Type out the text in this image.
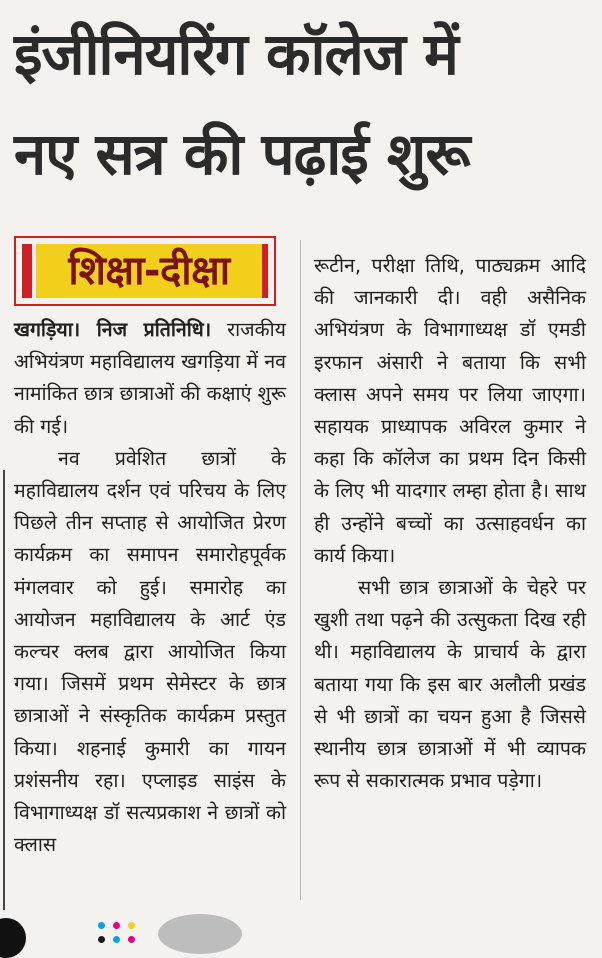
इंजीनियरिंग कॉलेज में
नए सत्र की पढ़ाई शुरू
शिक्षा-दीक्षा

खगड़िया। निज प्रतिनिधि। राजकीय अभियंत्रण महाविद्यालय खगड़िया में नव नामांकित छात्र छात्राओं की कक्षाएं शुरू की गई।

नव प्रवेशित छात्रों के महाविद्यालय दर्शन एवं परिचय के लिए पिछले तीन सप्ताह से आयोजित प्रेरण कार्यक्रम का समापन समारोहपूर्वक मंगलवार को हुई। समारोह का आयोजन महाविद्यालय के आर्ट एंड कल्चर क्लब द्वारा आयोजित किया गया। जिसमें प्रथम सेमेस्टर के छात्र छात्राओं ने संस्कृतिक कार्यक्रम प्रस्तुत किया। शहनाई कुमारी का गायन प्रशंसनीय रहा। एप्लाइड साइंस के विभागाध्यक्ष डॉ सत्यप्रकाश ने छात्रों को क्लास

रूटीन, परीक्षा तिथि, पाठ्यक्रम आदि की जानकारी दी। वही असैनिक अभियंत्रण के विभागाध्यक्ष डॉ एमडी इरफान अंसारी ने बताया कि सभी क्लास अपने समय पर लिया जाएगा। सहायक प्राध्यापक अविरल कुमार ने कहा कि कॉलेज का प्रथम दिन किसी के लिए भी यादगार लम्हा होता है। साथ ही उन्होंने बच्चों का उत्साहवर्धन का कार्य किया।

सभी छात्र छात्राओं के चेहरे पर खुशी तथा पढ़ने की उत्सुकता दिख रही थी। महाविद्यालय के प्राचार्य के द्वारा बताया गया कि इस बार अलौली प्रखंड से भी छात्रों का चयन हुआ है जिससे स्थानीय छात्र छात्राओं में भी व्यापक रूप से सकारात्मक प्रभाव पड़ेगा।
